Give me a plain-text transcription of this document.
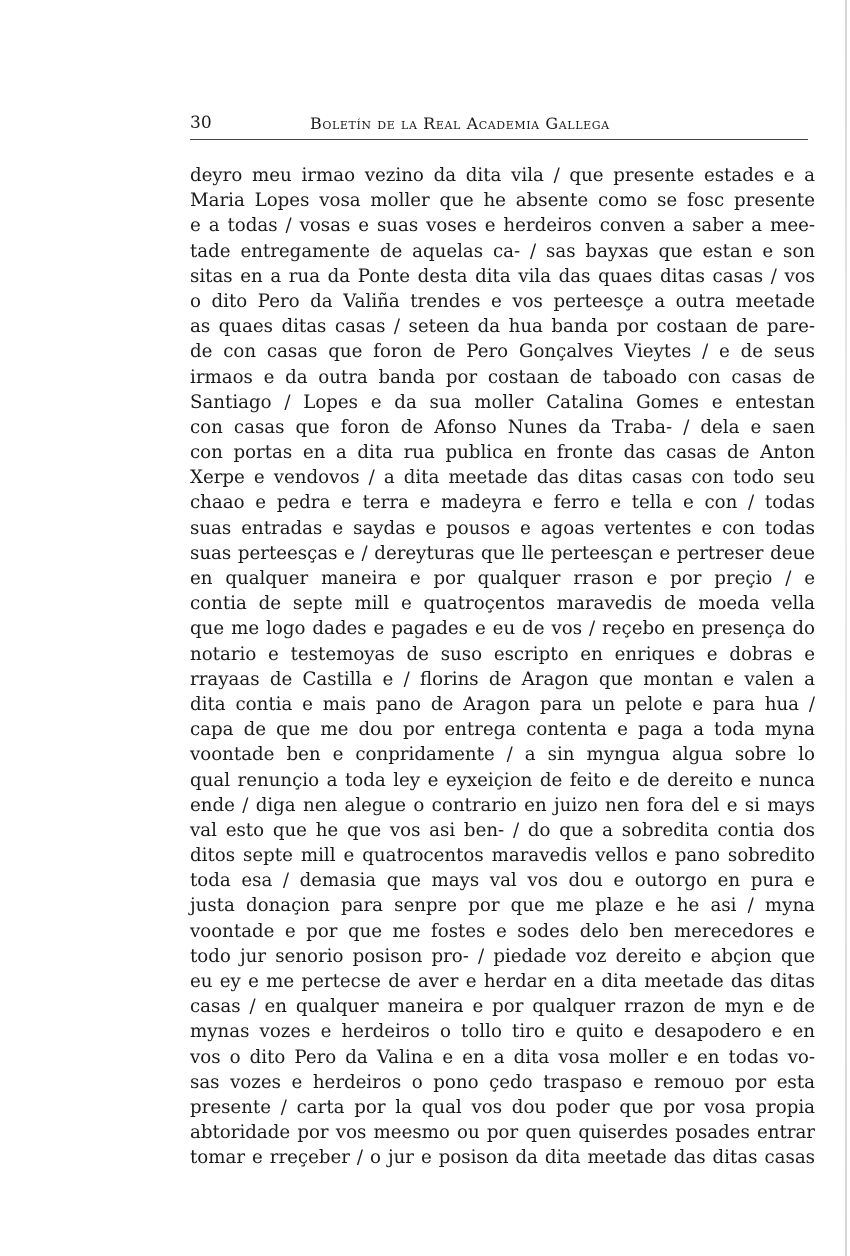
30	Boletín de la Real Academia Gallega
deyro meu irmao vezino da dita vila / que presente estades e a
Maria Lopes vosa moller que he absente como se fosc presente
e a todas / vosas e suas voses e herdeiros conven a saber a mee-
tade entregamente de aquelas ca- / sas bayxas que estan e son
sitas en a rua da Ponte desta dita vila das quaes ditas casas / vos
o dito Pero da Valiña trendes e vos perteesçe a outra meetade
as quaes ditas casas / seteen da hua banda por costaan de pare-
de con casas que foron de Pero Gonçalves Vieytes / e de seus
irmaos e da outra banda por costaan de taboado con casas de
Santiago / Lopes e da sua moller Catalina Gomes e entestan
con casas que foron de Afonso Nunes da Traba- / dela e saen
con portas en a dita rua publica en fronte das casas de Anton
Xerpe e vendovos / a dita meetade das ditas casas con todo seu
chaao e pedra e terra e madeyra e ferro e tella e con / todas
suas entradas e saydas e pousos e agoas vertentes e con todas
suas perteesças e / dereyturas que lle perteesçan e pertreser deue
en qualquer maneira e por qualquer rrason e por preçio / e
contia de septe mill e quatroçentos maravedis de moeda vella
que me logo dades e pagades e eu de vos / reçebo en presença do
notario e testemoyas de suso escripto en enriques e dobras e
rrayaas de Castilla e / florins de Aragon que montan e valen a
dita contia e mais pano de Aragon para un pelote e para hua /
capa de que me dou por entrega contenta e paga a toda myna
voontade ben e conpridamente / a sin myngua algua sobre lo
qual renunçio a toda ley e eyxeiçion de feito e de dereito e nunca
ende / diga nen alegue o contrario en juizo nen fora del e si mays
val esto que he que vos asi ben- / do que a sobredita contia dos
ditos septe mill e quatrocentos maravedis vellos e pano sobredito
toda esa / demasia que mays val vos dou e outorgo en pura e
justa donaçion para senpre por que me plaze e he asi / myna
voontade e por que me fostes e sodes delo ben merecedores e
todo jur senorio posison pro- / piedade voz dereito e abçion que
eu ey e me pertecse de aver e herdar en a dita meetade das ditas
casas / en qualquer maneira e por qualquer rrazon de myn e de
mynas vozes e herdeiros o tollo tiro e quito e desapodero e en
vos o dito Pero da Valina e en a dita vosa moller e en todas vo-
sas vozes e herdeiros o pono çedo traspaso e remouo por esta
presente / carta por la qual vos dou poder que por vosa propia
abtoridade por vos meesmo ou por quen quiserdes posades entrar
tomar e rreçeber / o jur e posison da dita meetade das ditas casas
